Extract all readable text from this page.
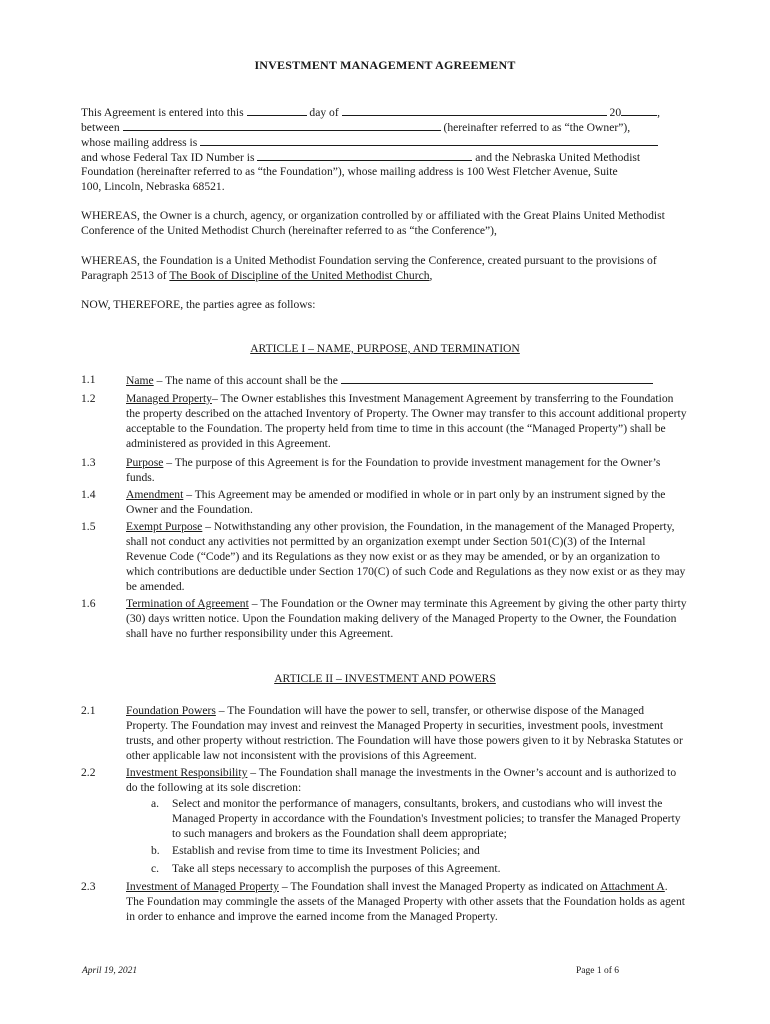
INVESTMENT MANAGEMENT AGREEMENT
This Agreement is entered into this	day of	20	,
between	(hereinafter referred to as “the Owner”),
whose mailing address is
and whose Federal Tax ID Number is	and the Nebraska United Methodist
Foundation (hereinafter referred to as “the Foundation”), whose mailing address is 100 West Fletcher Avenue, Suite
100, Lincoln, Nebraska 68521.
WHEREAS, the Owner is a church, agency, or organization controlled by or affiliated with the Great Plains United Methodist Conference of the United Methodist Church (hereinafter referred to as “the Conference”),
WHEREAS, the Foundation is a United Methodist Foundation serving the Conference, created pursuant to the provisions of Paragraph 2513 of The Book of Discipline of the United Methodist Church,
NOW, THEREFORE, the parties agree as follows:
ARTICLE I – NAME, PURPOSE, AND TERMINATION
1.1	Name – The name of this account shall be the
1.2	Managed Property– The Owner establishes this Investment Management Agreement by transferring to the Foundation the property described on the attached Inventory of Property. The Owner may transfer to this account additional property acceptable to the Foundation. The property held from time to time in this account (the “Managed Property”) shall be administered as provided in this Agreement.
1.3	Purpose – The purpose of this Agreement is for the Foundation to provide investment management for the Owner’s funds.
1.4	Amendment – This Agreement may be amended or modified in whole or in part only by an instrument signed by the Owner and the Foundation.
1.5	Exempt Purpose – Notwithstanding any other provision, the Foundation, in the management of the Managed Property, shall not conduct any activities not permitted by an organization exempt under Section 501(C)(3) of the Internal Revenue Code (“Code”) and its Regulations as they now exist or as they may be amended, or by an organization to which contributions are deductible under Section 170(C) of such Code and Regulations as they now exist or as they may be amended.
1.6	Termination of Agreement – The Foundation or the Owner may terminate this Agreement by giving the other party thirty (30) days written notice. Upon the Foundation making delivery of the Managed Property to the Owner, the Foundation shall have no further responsibility under this Agreement.
ARTICLE II – INVESTMENT AND POWERS
2.1	Foundation Powers – The Foundation will have the power to sell, transfer, or otherwise dispose of the Managed Property. The Foundation may invest and reinvest the Managed Property in securities, investment pools, investment trusts, and other property without restriction. The Foundation will have those powers given to it by Nebraska Statutes or other applicable law not inconsistent with the provisions of this Agreement.
2.2	Investment Responsibility – The Foundation shall manage the investments in the Owner’s account and is authorized to do the following at its sole discretion:
a. Select and monitor the performance of managers, consultants, brokers, and custodians who will invest the Managed Property in accordance with the Foundation's Investment policies; to transfer the Managed Property to such managers and brokers as the Foundation shall deem appropriate;
b. Establish and revise from time to time its Investment Policies; and
c. Take all steps necessary to accomplish the purposes of this Agreement.
2.3	Investment of Managed Property – The Foundation shall invest the Managed Property as indicated on Attachment A. The Foundation may commingle the assets of the Managed Property with other assets that the Foundation holds as agent in order to enhance and improve the earned income from the Managed Property.
April 19, 2021	Page 1 of 6
